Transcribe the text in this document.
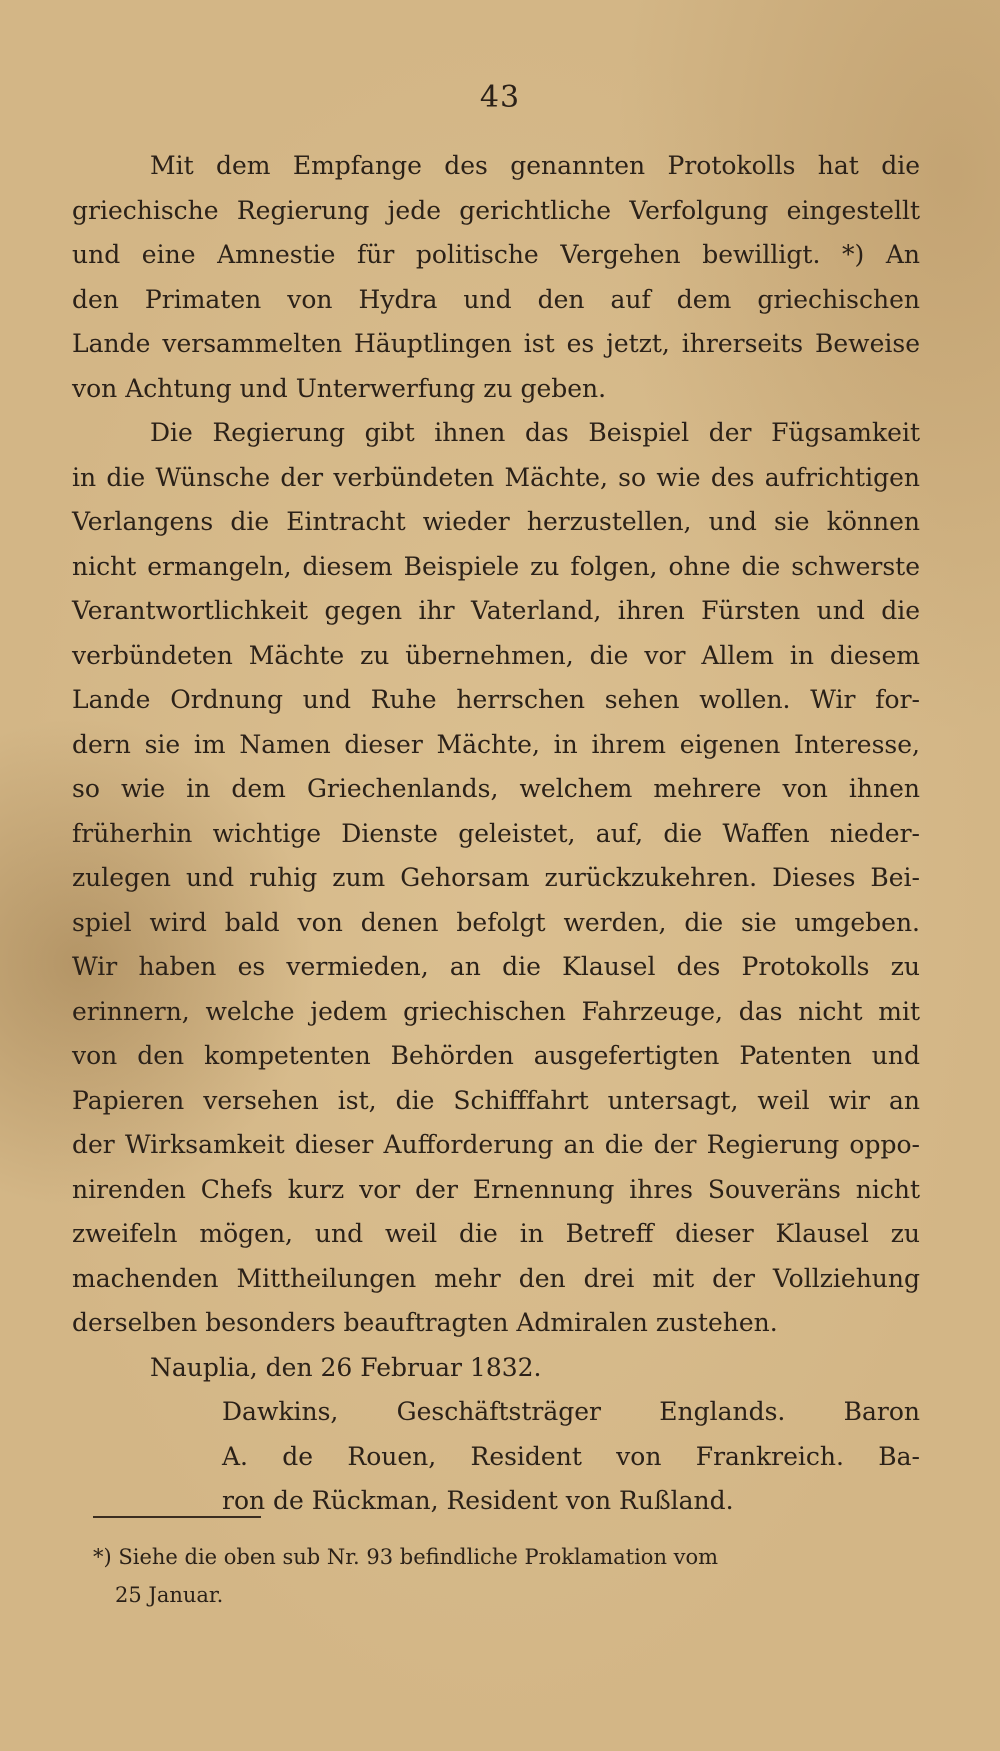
43
Mit dem Empfange des genannten Protokolls hat die
griechische Regierung jede gerichtliche Verfolgung eingestellt
und eine Amnestie für politische Vergehen bewilligt. *) An
den Primaten von Hydra und den auf dem griechischen
Lande versammelten Häuptlingen ist es jetzt, ihrerseits Beweise
von Achtung und Unterwerfung zu geben.
Die Regierung gibt ihnen das Beispiel der Fügsamkeit
in die Wünsche der verbündeten Mächte, so wie des aufrichtigen
Verlangens die Eintracht wieder herzustellen, und sie können
nicht ermangeln, diesem Beispiele zu folgen, ohne die schwerste
Verantwortlichkeit gegen ihr Vaterland, ihren Fürsten und die
verbündeten Mächte zu übernehmen, die vor Allem in diesem
Lande Ordnung und Ruhe herrschen sehen wollen. Wir for-
dern sie im Namen dieser Mächte, in ihrem eigenen Interesse,
so wie in dem Griechenlands, welchem mehrere von ihnen
früherhin wichtige Dienste geleistet, auf, die Waffen nieder-
zulegen und ruhig zum Gehorsam zurückzukehren. Dieses Bei-
spiel wird bald von denen befolgt werden, die sie umgeben.
Wir haben es vermieden, an die Klausel des Protokolls zu
erinnern, welche jedem griechischen Fahrzeuge, das nicht mit
von den kompetenten Behörden ausgefertigten Patenten und
Papieren versehen ist, die Schifffahrt untersagt, weil wir an
der Wirksamkeit dieser Aufforderung an die der Regierung oppo-
nirenden Chefs kurz vor der Ernennung ihres Souveräns nicht
zweifeln mögen, und weil die in Betreff dieser Klausel zu
machenden Mittheilungen mehr den drei mit der Vollziehung
derselben besonders beauftragten Admiralen zustehen.
Nauplia, den 26 Februar 1832.
Dawkins, Geschäftsträger Englands. Baron
A. de Rouen, Resident von Frankreich. Ba-
ron de Rückman, Resident von Rußland.
*) Siehe die oben sub Nr. 93 befindliche Proklamation vom
25 Januar.
